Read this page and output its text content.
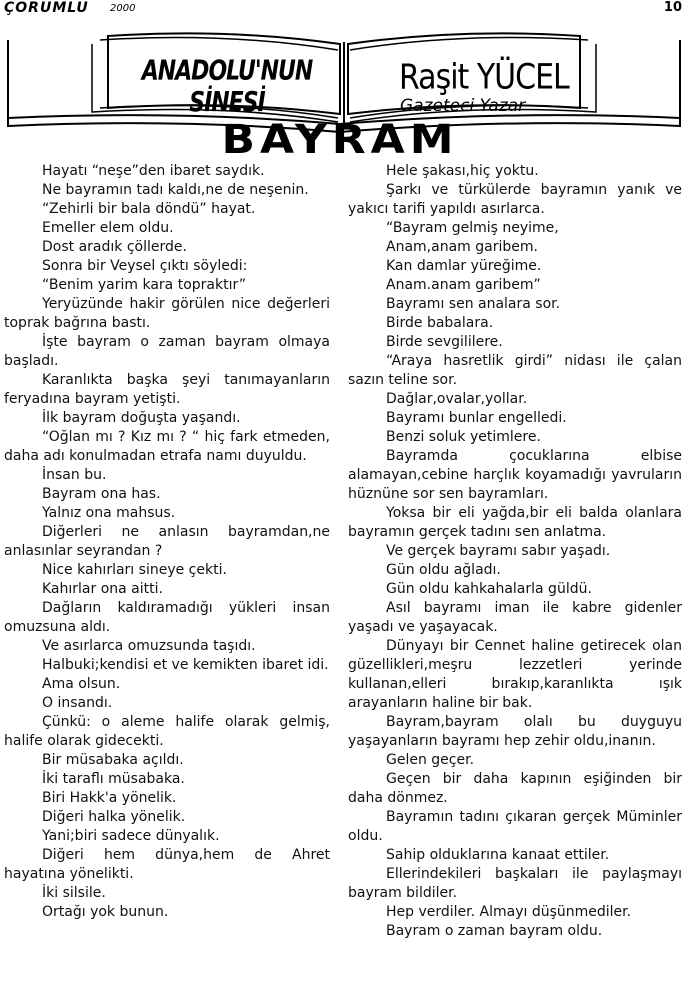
ÇORUMLU 2000	10
ANADOLU'NUN SİNESİ
Raşit YÜCEL
Gazeteci Yazar
BAYRAM

Hayatı “neşe”den ibaret saydık.

Ne bayramın tadı kaldı,ne de neşenin.

“Zehirli bir bala döndü” hayat.

Emeller elem oldu.

Dost aradık çöllerde.

Sonra bir Veysel çıktı söyledi:

“Benim yarim kara topraktır”

Yeryüzünde hakir görülen nice değerleri toprak bağrına bastı.

İşte bayram o zaman bayram olmaya başladı.

Karanlıkta başka şeyi tanımayanların feryadına bayram yetişti.

İlk bayram doğuşta yaşandı.

“Oğlan mı ? Kız mı ? “ hiç fark etmeden, daha adı konulmadan etrafa namı duyuldu.

İnsan bu.

Bayram ona has.

Yalnız ona mahsus.

Diğerleri ne anlasın bayramdan,ne anlasınlar seyrandan ?

Nice kahırları sineye çekti.

Kahırlar ona aitti.

Dağların kaldıramadığı yükleri insan omuzsuna aldı.

Ve asırlarca omuzsunda taşıdı.

Halbuki;kendisi et ve kemikten ibaret idi.

Ama olsun.

O insandı.

Çünkü: o aleme halife olarak gelmiş, halife olarak gidecekti.

Bir müsabaka açıldı.

İki taraflı müsabaka.

Biri Hakk'a yönelik.

Diğeri halka yönelik.

Yani;biri sadece dünyalık.

Diğeri hem dünya,hem de Ahret hayatına yönelikti.

İki silsile.

Ortağı yok bunun.

Hele şakası,hiç yoktu.

Şarkı ve türkülerde bayramın yanık ve yakıcı tarifi yapıldı asırlarca.

“Bayram gelmiş neyime,

Anam,anam garibem.

Kan damlar yüreğime.

Anam.anam garibem”

Bayramı sen analara sor.

Birde babalara.

Birde sevgililere.

“Araya hasretlik girdi” nidası ile çalan sazın teline sor.

Dağlar,ovalar,yollar.

Bayramı bunlar engelledi.

Benzi soluk yetimlere.

Bayramda çocuklarına elbise alamayan,cebine harçlık koyamadığı yavruların hüznüne sor sen bayramları.

Yoksa bir eli yağda,bir eli balda olanlara bayramın gerçek tadını sen anlatma.

Ve gerçek bayramı sabır yaşadı.

Gün oldu ağladı.

Gün oldu kahkahalarla güldü.

Asıl bayramı iman ile kabre gidenler yaşadı ve yaşayacak.

Dünyayı bir Cennet haline getirecek olan güzellikleri,meşru lezzetleri yerinde kullanan,elleri bırakıp,karanlıkta ışık arayanların haline bir bak.

Bayram,bayram olalı bu duyguyu yaşayanların bayramı hep zehir oldu,inanın.

Gelen geçer.

Geçen bir daha kapının eşiğinden bir daha dönmez.

Bayramın tadını çıkaran gerçek Müminler oldu.

Sahip olduklarına kanaat ettiler.

Ellerindekileri başkaları ile paylaşmayı bayram bildiler.

Hep verdiler. Almayı düşünmediler.

Bayram o zaman bayram oldu.
